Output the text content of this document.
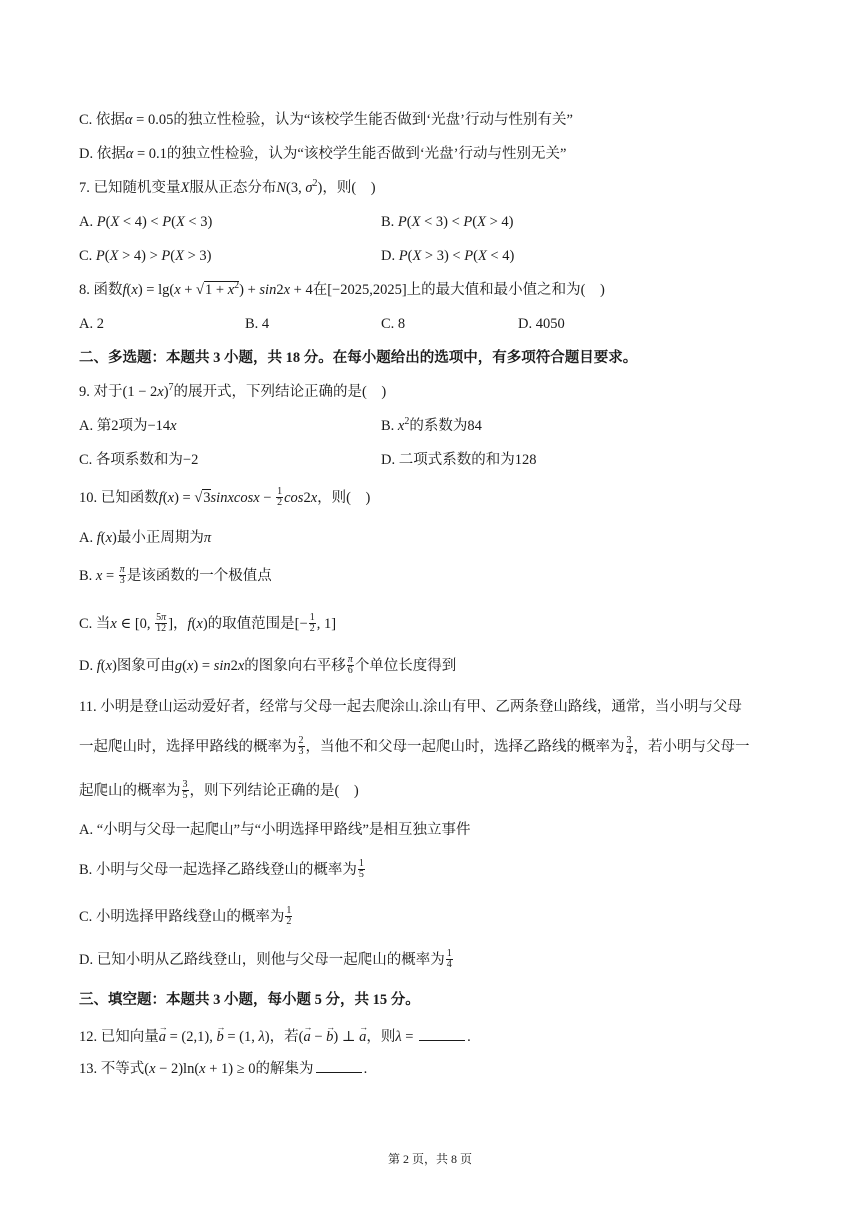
C. 依据α = 0.05的独立性检验，认为“该校学生能否做到‘光盘’行动与性别有关”
D. 依据α = 0.1的独立性检验，认为“该校学生能否做到‘光盘’行动与性别无关”
7. 已知随机变量X服从正态分布N(3, $\sigma^2$)，则(    )
A. P(X < 4) < P(X < 3)	B. P(X < 3) < P(X > 4)
C. P(X > 4) > P(X > 3)	D. P(X > 3) < P(X < 4)
8. 函数$f(x) = \lg(x + √1 + x^2) + \sin 2x + 4$在[−2025,2025]上的最大值和最小值之和为(    )
A. 2	B. 4	C. 8	D. 4050
二、多选题：本题共 3 小题，共 18 分。在每小题给出的选项中，有多项符合题目要求。
9. 对于$(1 - 2x)^7$的展开式，下列结论正确的是(    )
A. 第2项为−14x	B. $x^2$的系数为84
C. 各项系数和为−2	D. 二项式系数的和为128
10. 已知函数f(x) = √3sinxcosx − $\frac{1}{2} \cos 2x$，则(    )
A. f(x)最小正周期为π
B. $x = \frac{\pi}{3}$ 是该函数的一个极值点
C. 当x ∈ [0, $\frac{5\pi}{12}$ ]，f(x)的取值范围是[− $\frac{1}{2}$ , 1]
D. f(x)图象可由g(x) = sin2x的图象向右平移 $\frac{\pi}{6}$ 个单位长度得到
11. 小明是登山运动爱好者，经常与父母一起去爬涂山.涂山有甲、乙两条登山路线，通常，当小明与父母
一起爬山时，选择甲路线的概率为 $\frac{2}{3}$ ，当他不和父母一起爬山时，选择乙路线的概率为 $\frac{3}{4}$ ，若小明与父母一
起爬山的概率为 $\frac{3}{5}$ ，则下列结论正确的是(    )
A. “小明与父母一起爬山”与“小明选择甲路线”是相互独立事件
B. 小明与父母一起选择乙路线登山的概率为 $\frac{1}{5}$
C. 小明选择甲路线登山的概率为 $\frac{1}{2}$
D. 已知小明从乙路线登山，则他与父母一起爬山的概率为 $\frac{1}{4}$
三、填空题：本题共 3 小题，每小题 5 分，共 15 分。
12. 已知向量→ a = (2,1), → b = (1, λ)，若(→ a − → b) ⊥ → a，则λ =	.
13. 不等式(x − 2)ln(x + 1) ≥ 0的解集为	.
第 2 页，共 8 页
